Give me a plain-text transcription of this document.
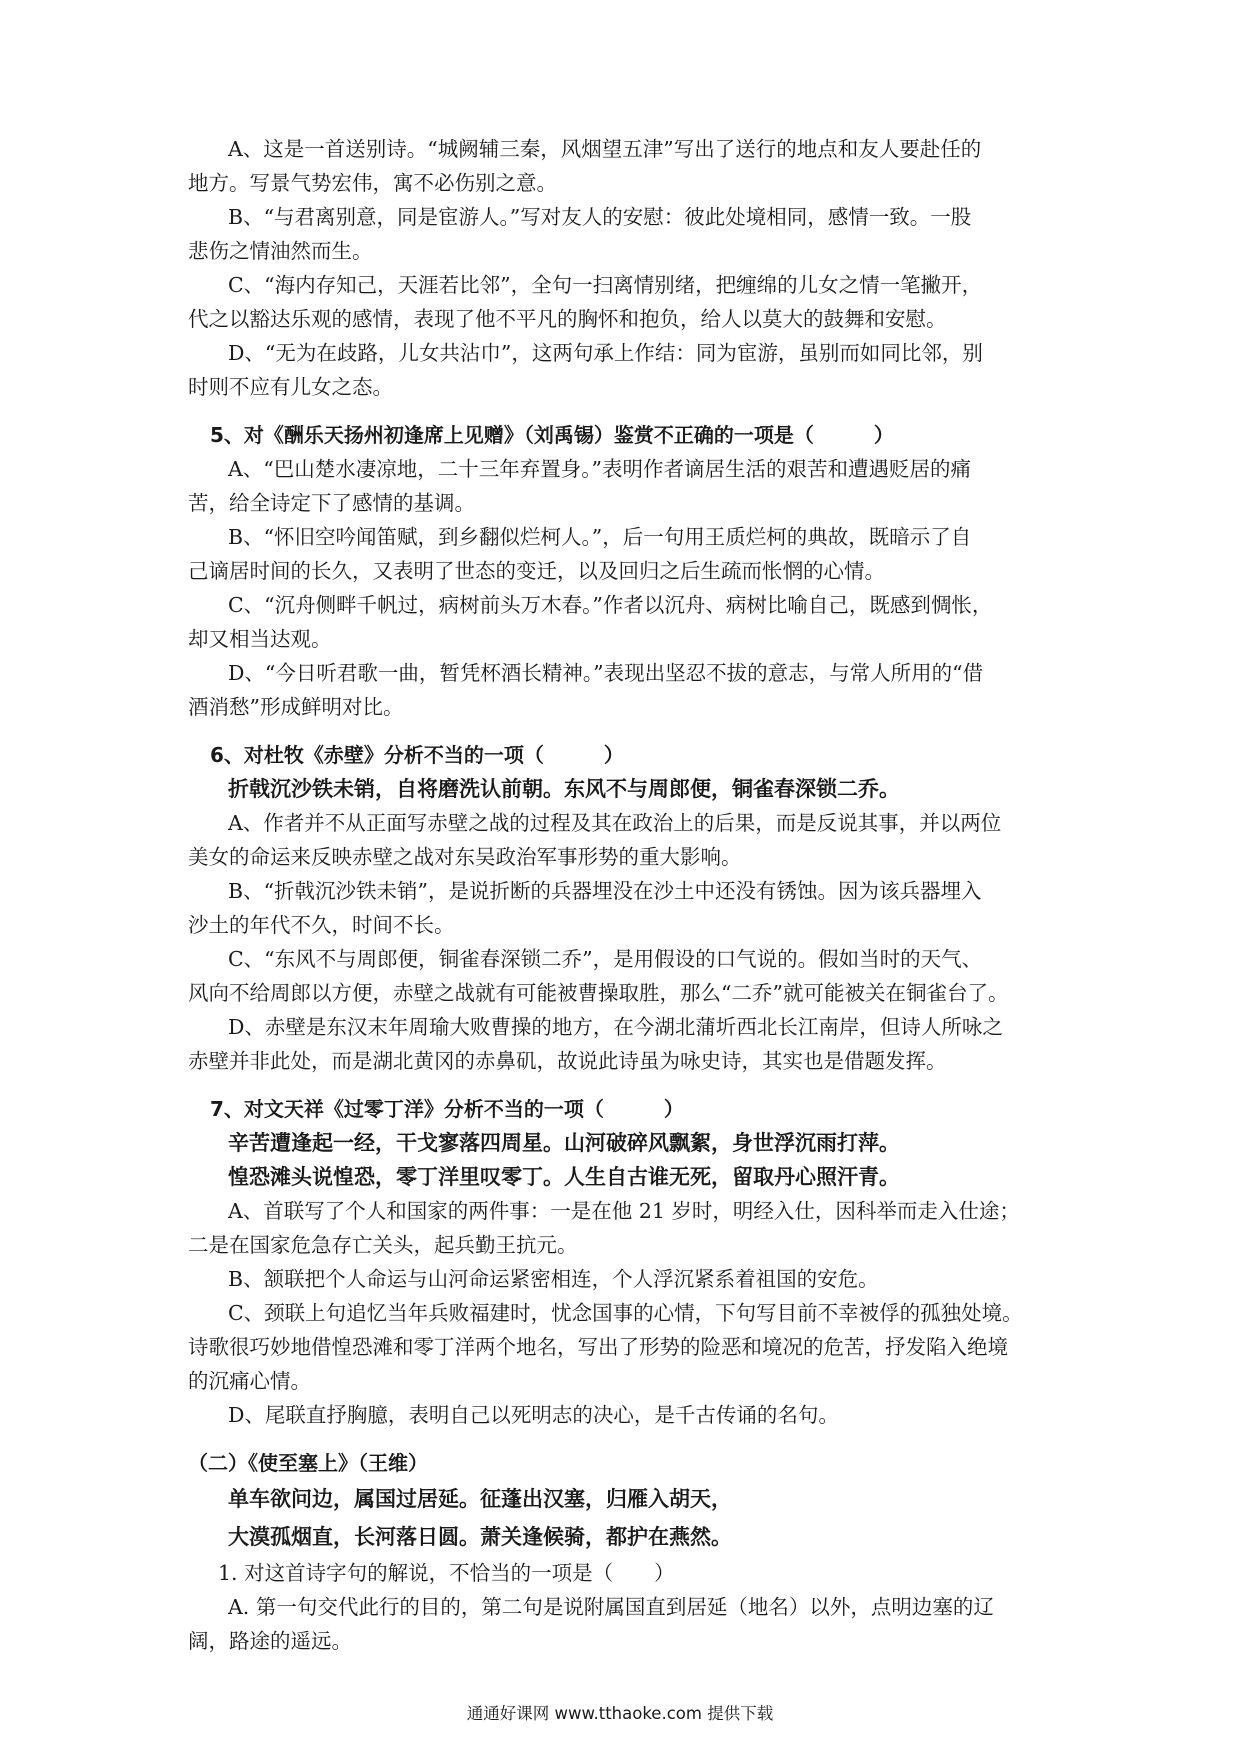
A、这是一首送别诗。“城阙辅三秦，风烟望五津”写出了送行的地点和友人要赴任的
地方。写景气势宏伟，寓不必伤别之意。
B、“与君离别意，同是宦游人。”写对友人的安慰：彼此处境相同，感情一致。一股
悲伤之情油然而生。
C、“海内存知己，天涯若比邻”，全句一扫离情别绪，把缠绵的儿女之情一笔撇开，
代之以豁达乐观的感情，表现了他不平凡的胸怀和抱负，给人以莫大的鼓舞和安慰。
D、“无为在歧路，儿女共沾巾”，这两句承上作结：同为宦游，虽别而如同比邻，别
时则不应有儿女之态。
5、对《酬乐天扬州初逢席上见赠》（刘禹锡）鉴赏不正确的一项是（　　　）
A、“巴山楚水凄凉地，二十三年弃置身。”表明作者谪居生活的艰苦和遭遇贬居的痛
苦，给全诗定下了感情的基调。
B、“怀旧空吟闻笛赋，到乡翻似烂柯人。”，后一句用王质烂柯的典故，既暗示了自
己谪居时间的长久，又表明了世态的变迁，以及回归之后生疏而怅惘的心情。
C、“沉舟侧畔千帆过，病树前头万木春。”作者以沉舟、病树比喻自己，既感到惆怅，
却又相当达观。
D、“今日听君歌一曲，暂凭杯酒长精神。”表现出坚忍不拔的意志，与常人所用的“借
酒消愁”形成鲜明对比。
6、对杜牧《赤壁》分析不当的一项（　　　）
折戟沉沙铁未销，自将磨洗认前朝。东风不与周郎便，铜雀春深锁二乔。
A、作者并不从正面写赤壁之战的过程及其在政治上的后果，而是反说其事，并以两位
美女的命运来反映赤壁之战对东吴政治军事形势的重大影响。
B、“折戟沉沙铁未销”，是说折断的兵器埋没在沙土中还没有锈蚀。因为该兵器埋入
沙土的年代不久，时间不长。
C、“东风不与周郎便，铜雀春深锁二乔”，是用假设的口气说的。假如当时的天气、
风向不给周郎以方便，赤壁之战就有可能被曹操取胜，那么“二乔”就可能被关在铜雀台了。
D、赤壁是东汉末年周瑜大败曹操的地方，在今湖北蒲圻西北长江南岸，但诗人所咏之
赤壁并非此处，而是湖北黄冈的赤鼻矶，故说此诗虽为咏史诗，其实也是借题发挥。
7、对文天祥《过零丁洋》分析不当的一项（　　　）
辛苦遭逢起一经，干戈寥落四周星。山河破碎风飘絮，身世浮沉雨打萍。
惶恐滩头说惶恐，零丁洋里叹零丁。人生自古谁无死，留取丹心照汗青。
A、首联写了个人和国家的两件事：一是在他 21 岁时，明经入仕，因科举而走入仕途；
二是在国家危急存亡关头，起兵勤王抗元。
B、颔联把个人命运与山河命运紧密相连，个人浮沉紧系着祖国的安危。
C、颈联上句追忆当年兵败福建时，忧念国事的心情，下句写目前不幸被俘的孤独处境。
诗歌很巧妙地借惶恐滩和零丁洋两个地名，写出了形势的险恶和境况的危苦，抒发陷入绝境
的沉痛心情。
D、尾联直抒胸臆，表明自己以死明志的决心，是千古传诵的名句。
（二）《使至塞上》（王维）
单车欲问边，属国过居延。征蓬出汉塞，归雁入胡天，
大漠孤烟直，长河落日圆。萧关逢候骑，都护在燕然。
1. 对这首诗字句的解说，不恰当的一项是（　　）
A. 第一句交代此行的目的，第二句是说附属国直到居延（地名）以外，点明边塞的辽
阔，路途的遥远。
通通好课网 www.tthaoke.com 提供下载
